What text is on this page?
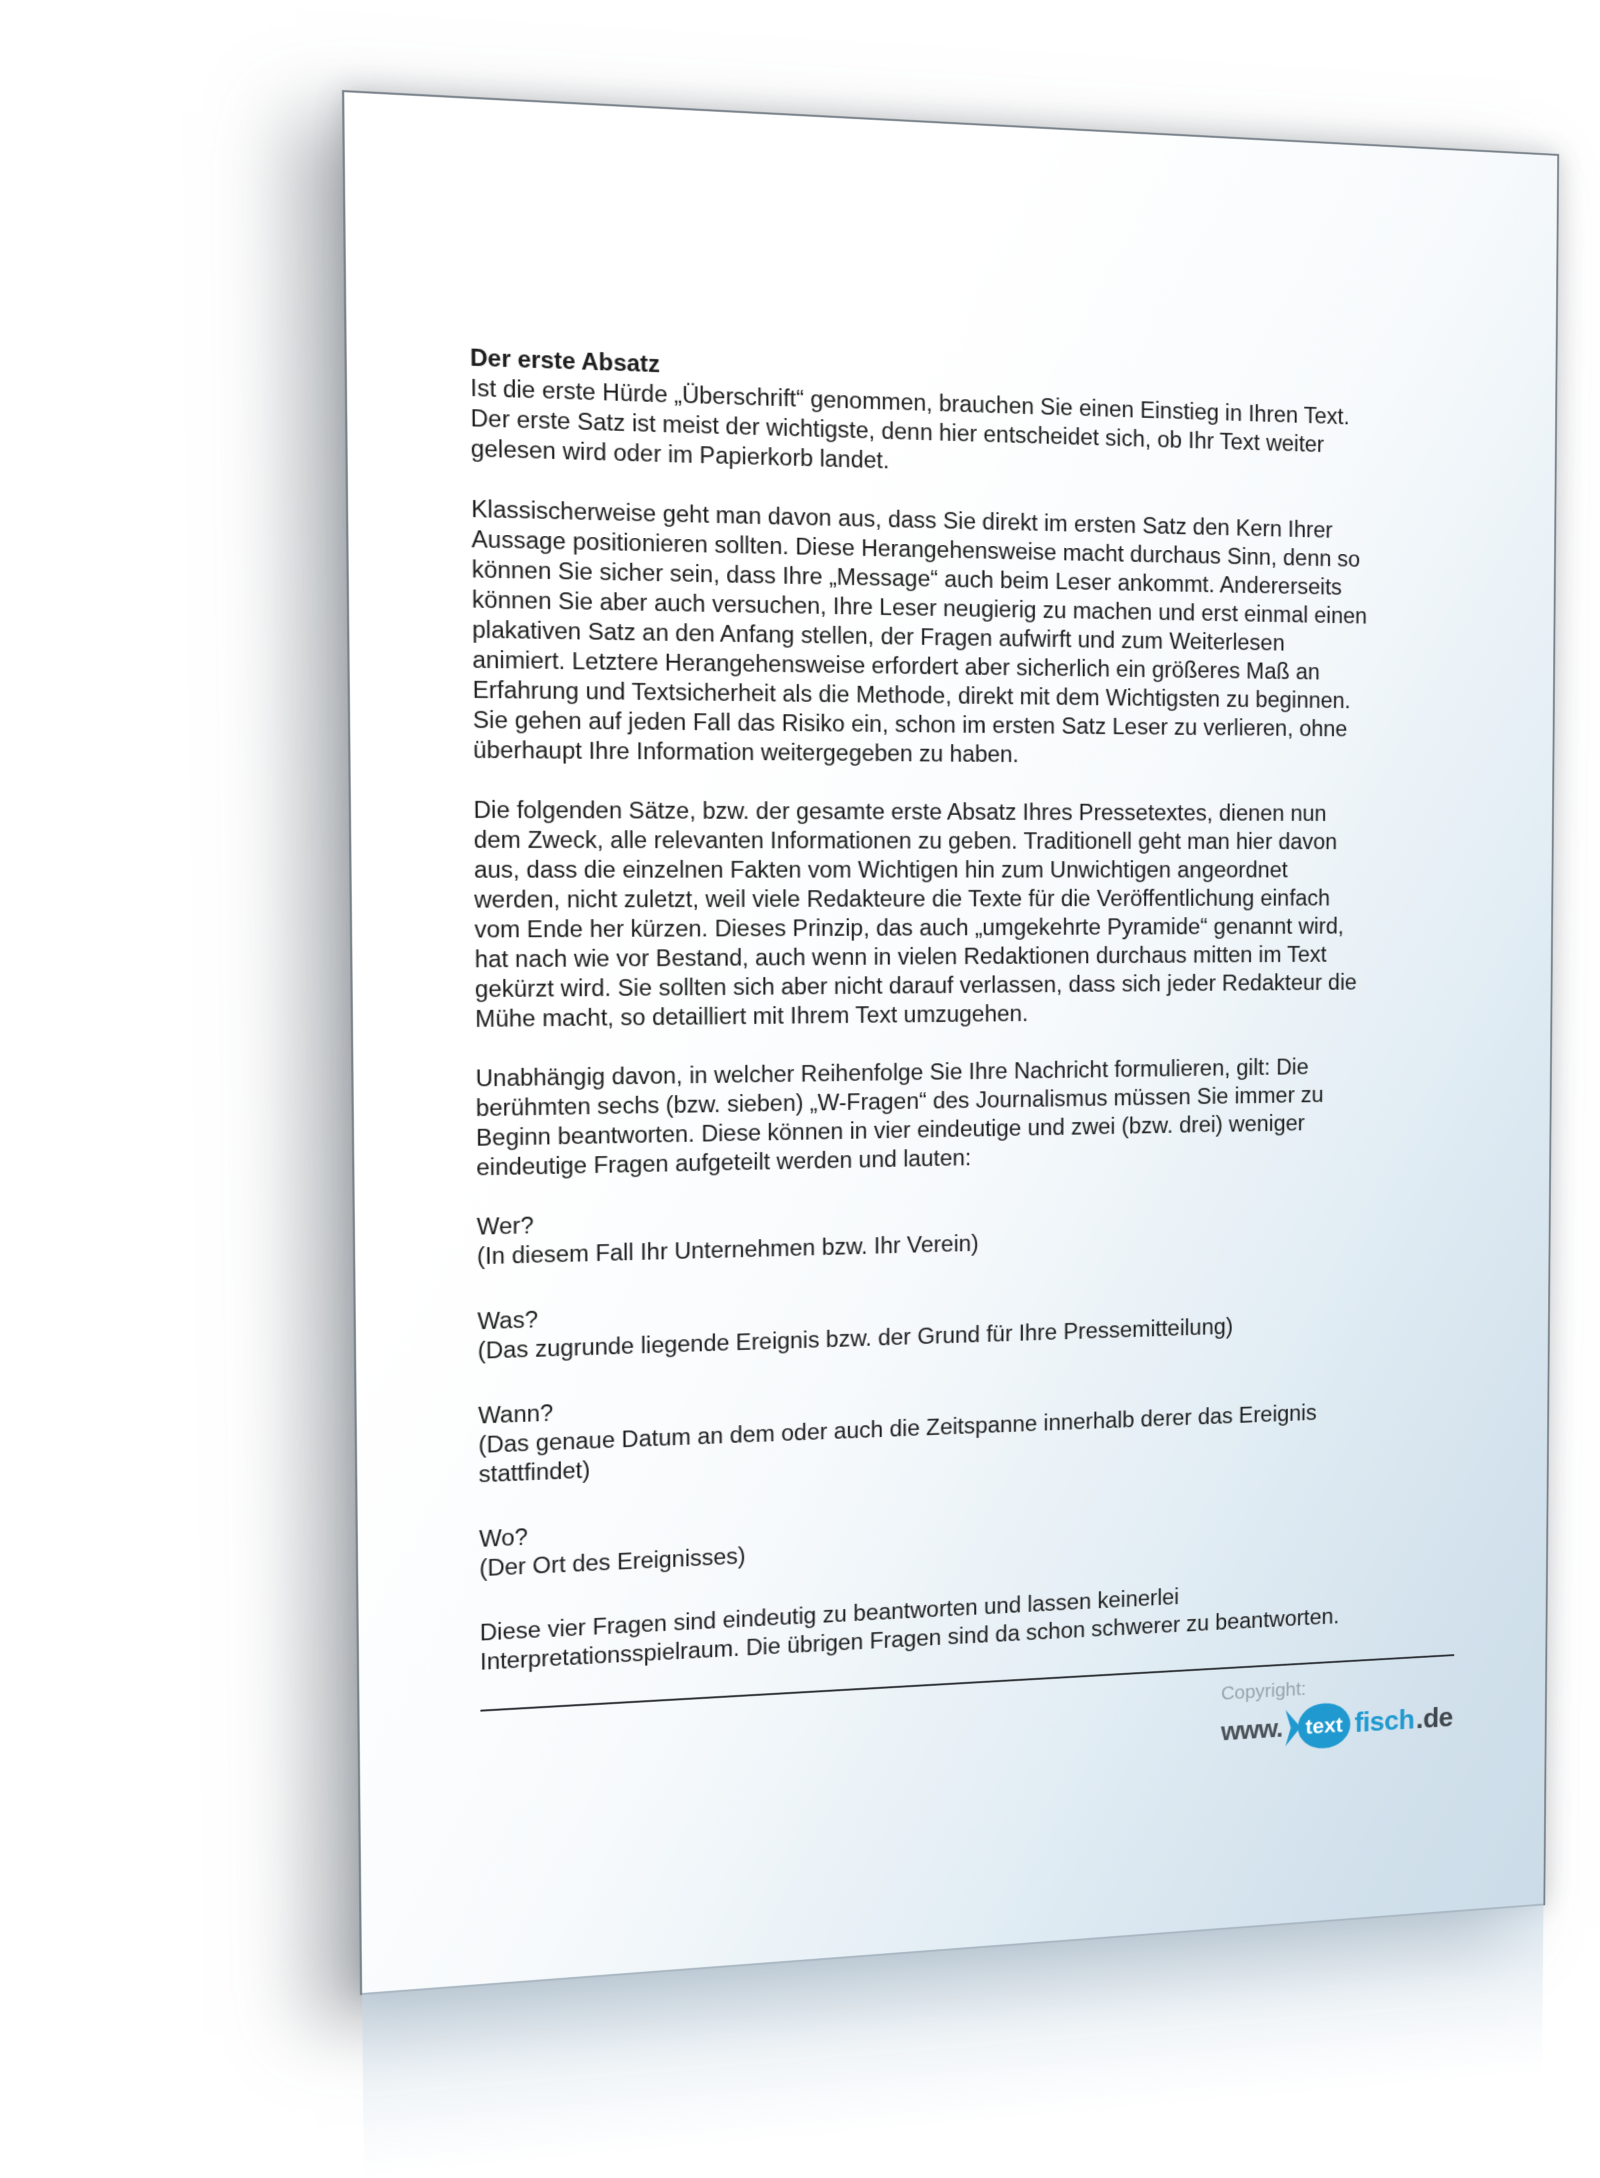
Der erste Absatz

Ist die erste Hürde „Überschrift“ genommen, brauchen Sie einen Einstieg in Ihren Text.
Der erste Satz ist meist der wichtigste, denn hier entscheidet sich, ob Ihr Text weiter
gelesen wird oder im Papierkorb landet.

Klassischerweise geht man davon aus, dass Sie direkt im ersten Satz den Kern Ihrer
Aussage positionieren sollten. Diese Herangehensweise macht durchaus Sinn, denn so
können Sie sicher sein, dass Ihre „Message“ auch beim Leser ankommt. Andererseits
können Sie aber auch versuchen, Ihre Leser neugierig zu machen und erst einmal einen
plakativen Satz an den Anfang stellen, der Fragen aufwirft und zum Weiterlesen
animiert. Letztere Herangehensweise erfordert aber sicherlich ein größeres Maß an
Erfahrung und Textsicherheit als die Methode, direkt mit dem Wichtigsten zu beginnen.
Sie gehen auf jeden Fall das Risiko ein, schon im ersten Satz Leser zu verlieren, ohne
überhaupt Ihre Information weitergegeben zu haben.

Die folgenden Sätze, bzw. der gesamte erste Absatz Ihres Pressetextes, dienen nun
dem Zweck, alle relevanten Informationen zu geben. Traditionell geht man hier davon
aus, dass die einzelnen Fakten vom Wichtigen hin zum Unwichtigen angeordnet
werden, nicht zuletzt, weil viele Redakteure die Texte für die Veröffentlichung einfach
vom Ende her kürzen. Dieses Prinzip, das auch „umgekehrte Pyramide“ genannt wird,
hat nach wie vor Bestand, auch wenn in vielen Redaktionen durchaus mitten im Text
gekürzt wird. Sie sollten sich aber nicht darauf verlassen, dass sich jeder Redakteur die
Mühe macht, so detailliert mit Ihrem Text umzugehen.

Unabhängig davon, in welcher Reihenfolge Sie Ihre Nachricht formulieren, gilt: Die
berühmten sechs (bzw. sieben) „W-Fragen“ des Journalismus müssen Sie immer zu
Beginn beantworten. Diese können in vier eindeutige und zwei (bzw. drei) weniger
eindeutige Fragen aufgeteilt werden und lauten:

Wer?
(In diesem Fall Ihr Unternehmen bzw. Ihr Verein)

Was?
(Das zugrunde liegende Ereignis bzw. der Grund für Ihre Pressemitteilung)

Wann?
(Das genaue Datum an dem oder auch die Zeitspanne innerhalb derer das Ereignis
stattfindet)

Wo?
(Der Ort des Ereignisses)

Diese vier Fragen sind eindeutig zu beantworten und lassen keinerlei
Interpretationsspielraum. Die übrigen Fragen sind da schon schwerer zu beantworten.

Copyright:
www. text fisch .de
